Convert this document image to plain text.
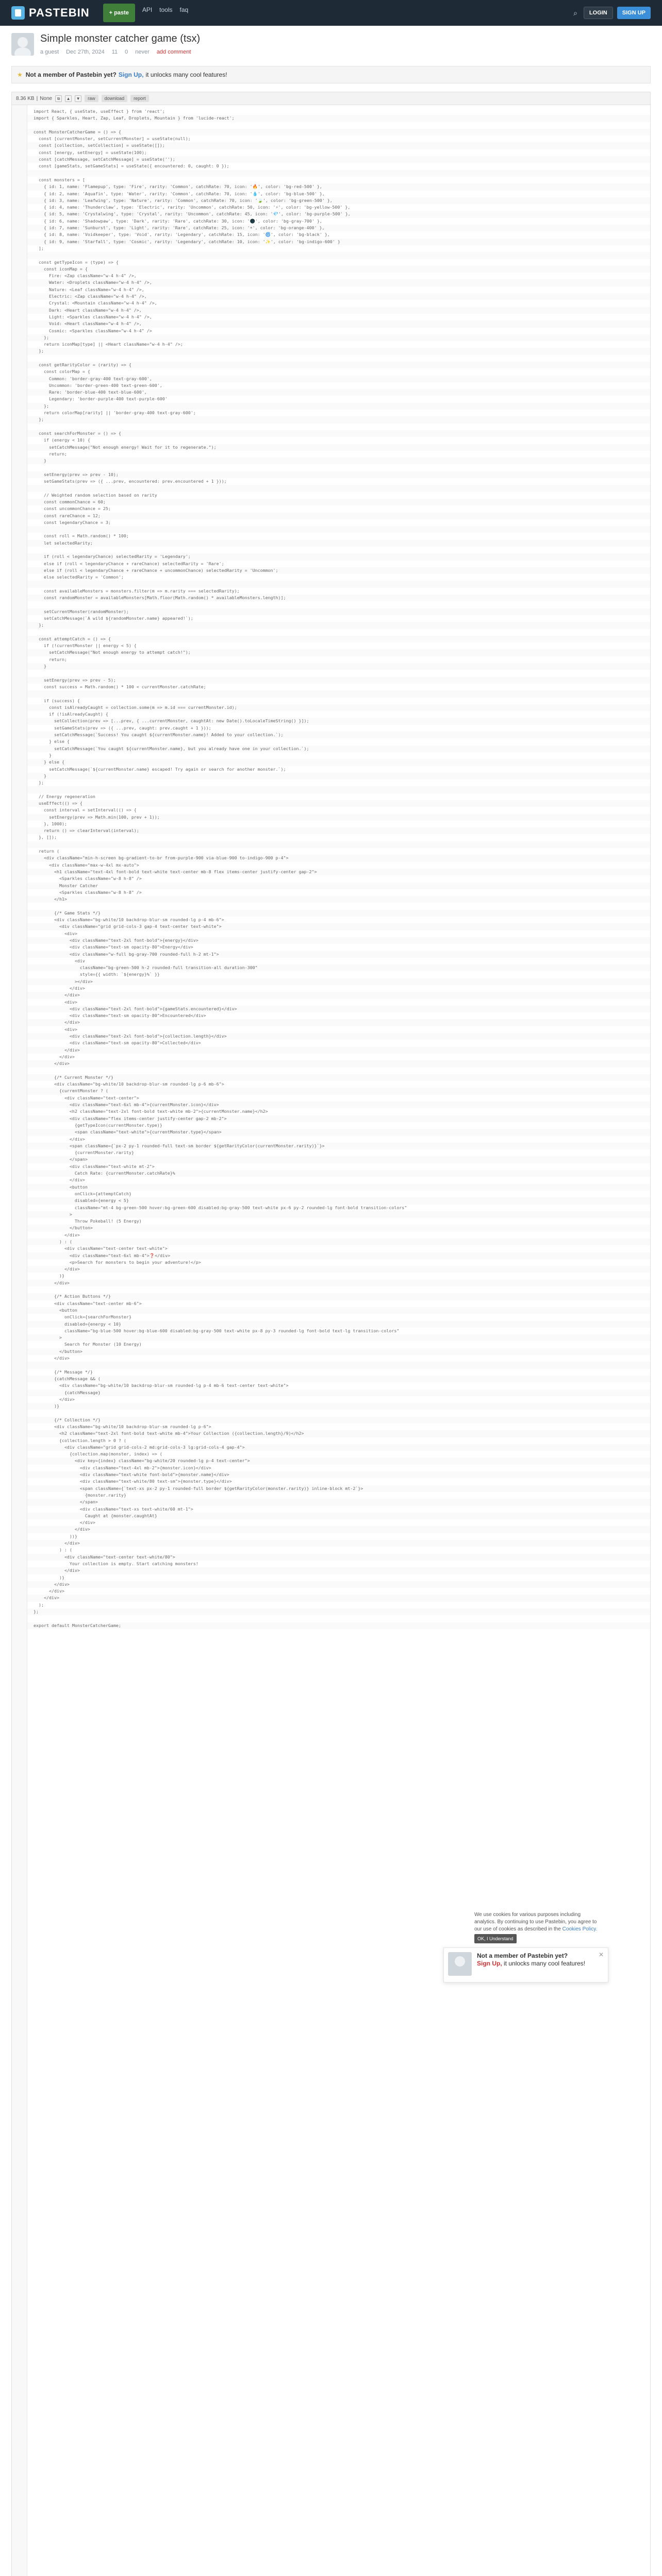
PASTEBIN	+ paste	API tools faq	⌕	LOGIN	SIGN UP
Simple monster catcher game (tsx)
a guest Dec 27th, 2024 11 0 never add comment
★ Not a member of Pastebin yet? Sign Up, it unlocks many cool features!
8.36 KB | None	⧉	▲	▼	raw	download	report
import React, { useState, useEffect } from 'react';
import { Sparkles, Heart, Zap, Leaf, Droplets, Mountain } from 'lucide-react';
const MonsterCatcherGame = () => {
const [currentMonster, setCurrentMonster] = useState(null);
const [collection, setCollection] = useState([]);
const [energy, setEnergy] = useState(100);
const [catchMessage, setCatchMessage] = useState('');
const [gameStats, setGameStats] = useState({ encountered: 0, caught: 0 });
const monsters = [
{ id: 1, name: 'Flamepup', type: 'Fire', rarity: 'Common', catchRate: 70, icon: '🔥', color: 'bg-red-500' },
{ id: 2, name: 'Aquafin', type: 'Water', rarity: 'Common', catchRate: 70, icon: '💧', color: 'bg-blue-500' },
{ id: 3, name: 'Leafwing', type: 'Nature', rarity: 'Common', catchRate: 70, icon: '🍃', color: 'bg-green-500' },
{ id: 4, name: 'Thunderclaw', type: 'Electric', rarity: 'Uncommon', catchRate: 50, icon: '⚡', color: 'bg-yellow-500' },
{ id: 5, name: 'Crystalwing', type: 'Crystal', rarity: 'Uncommon', catchRate: 45, icon: '💎', color: 'bg-purple-500' },
{ id: 6, name: 'Shadowpaw', type: 'Dark', rarity: 'Rare', catchRate: 30, icon: '🌑', color: 'bg-gray-700' },
{ id: 7, name: 'Sunburst', type: 'Light', rarity: 'Rare', catchRate: 25, icon: '☀', color: 'bg-orange-400' },
{ id: 8, name: 'Voidkeeper', type: 'Void', rarity: 'Legendary', catchRate: 15, icon: '🌀', color: 'bg-black' },
{ id: 9, name: 'Starfall', type: 'Cosmic', rarity: 'Legendary', catchRate: 10, icon: '✨', color: 'bg-indigo-600' }
];
const getTypeIcon = (type) => {
const iconMap = {
Fire: <Zap className="w-4 h-4" />,
Water: <Droplets className="w-4 h-4" />,
Nature: <Leaf className="w-4 h-4" />,
Electric: <Zap className="w-4 h-4" />,
Crystal: <Mountain className="w-4 h-4" />,
Dark: <Heart className="w-4 h-4" />,
Light: <Sparkles className="w-4 h-4" />,
Void: <Heart className="w-4 h-4" />,
Cosmic: <Sparkles className="w-4 h-4" />
};
return iconMap[type] || <Heart className="w-4 h-4" />;
};
const getRarityColor = (rarity) => {
const colorMap = {
Common: 'border-gray-400 text-gray-600',
Uncommon: 'border-green-400 text-green-600',
Rare: 'border-blue-400 text-blue-600',
Legendary: 'border-purple-400 text-purple-600'
};
return colorMap[rarity] || 'border-gray-400 text-gray-600';
};
const searchForMonster = () => {
if (energy < 10) {
setCatchMessage("Not enough energy! Wait for it to regenerate.");
return;
}
setEnergy(prev => prev - 10);
setGameStats(prev => ({ ...prev, encountered: prev.encountered + 1 }));
// Weighted random selection based on rarity
const commonChance = 60;
const uncommonChance = 25;
const rareChance = 12;
const legendaryChance = 3;
const roll = Math.random() * 100;
let selectedRarity;
if (roll < legendaryChance) selectedRarity = 'Legendary';
else if (roll < legendaryChance + rareChance) selectedRarity = 'Rare';
else if (roll < legendaryChance + rareChance + uncommonChance) selectedRarity = 'Uncommon';
else selectedRarity = 'Common';
const availableMonsters = monsters.filter(m => m.rarity === selectedRarity);
const randomMonster = availableMonsters[Math.floor(Math.random() * availableMonsters.length)];
setCurrentMonster(randomMonster);
setCatchMessage(`A wild ${randomMonster.name} appeared!`);
};
const attemptCatch = () => {
if (!currentMonster || energy < 5) {
setCatchMessage("Not enough energy to attempt catch!");
return;
}
setEnergy(prev => prev - 5);
const success = Math.random() * 100 < currentMonster.catchRate;
if (success) {
const isAlreadyCaught = collection.some(m => m.id === currentMonster.id);
if (!isAlreadyCaught) {
setCollection(prev => [...prev, { ...currentMonster, caughtAt: new Date().toLocaleTimeString() }]);
setGameStats(prev => ({ ...prev, caught: prev.caught + 1 }));
setCatchMessage(`Success! You caught ${currentMonster.name}! Added to your collection.`);
} else {
setCatchMessage(`You caught ${currentMonster.name}, but you already have one in your collection.`);
}
} else {
setCatchMessage(`${currentMonster.name} escaped! Try again or search for another monster.`);
}
};
// Energy regeneration
useEffect(() => {
const interval = setInterval(() => {
setEnergy(prev => Math.min(100, prev + 1));
}, 1000);
return () => clearInterval(interval);
}, []);
return (
<div className="min-h-screen bg-gradient-to-br from-purple-900 via-blue-900 to-indigo-900 p-4">
<div className="max-w-4xl mx-auto">
<h1 className="text-4xl font-bold text-white text-center mb-8 flex items-center justify-center gap-2">
<Sparkles className="w-8 h-8" />
Monster Catcher
<Sparkles className="w-8 h-8" />
</h1>
{/* Game Stats */}
<div className="bg-white/10 backdrop-blur-sm rounded-lg p-4 mb-6">
<div className="grid grid-cols-3 gap-4 text-center text-white">
<div>
<div className="text-2xl font-bold">{energy}</div>
<div className="text-sm opacity-80">Energy</div>
<div className="w-full bg-gray-700 rounded-full h-2 mt-1">
<div
className="bg-green-500 h-2 rounded-full transition-all duration-300"
style={{ width: `${energy}%` }}
></div>
</div>
</div>
<div>
<div className="text-2xl font-bold">{gameStats.encountered}</div>
<div className="text-sm opacity-80">Encountered</div>
</div>
<div>
<div className="text-2xl font-bold">{collection.length}</div>
<div className="text-sm opacity-80">Collected</div>
</div>
</div>
</div>
{/* Current Monster */}
<div className="bg-white/10 backdrop-blur-sm rounded-lg p-6 mb-6">
{currentMonster ? (
<div className="text-center">
<div className="text-6xl mb-4">{currentMonster.icon}</div>
<h2 className="text-2xl font-bold text-white mb-2">{currentMonster.name}</h2>
<div className="flex items-center justify-center gap-2 mb-2">
{getTypeIcon(currentMonster.type)}
<span className="text-white">{currentMonster.type}</span>
</div>
<span className={`px-2 py-1 rounded-full text-sm border ${getRarityColor(currentMonster.rarity)}`}>
{currentMonster.rarity}
</span>
<div className="text-white mt-2">
Catch Rate: {currentMonster.catchRate}%
</div>
<button
onClick={attemptCatch}
disabled={energy < 5}
className="mt-4 bg-green-500 hover:bg-green-600 disabled:bg-gray-500 text-white px-6 py-2 rounded-lg font-bold transition-colors"
>
Throw Pokeball! (5 Energy)
</button>
</div>
) : (
<div className="text-center text-white">
<div className="text-6xl mb-4">❓</div>
<p>Search for monsters to begin your adventure!</p>
</div>
)}
</div>
{/* Action Buttons */}
<div className="text-center mb-6">
<button
onClick={searchForMonster}
disabled={energy < 10}
className="bg-blue-500 hover:bg-blue-600 disabled:bg-gray-500 text-white px-8 py-3 rounded-lg font-bold text-lg transition-colors"
>
Search for Monster (10 Energy)
</button>
</div>
{/* Message */}
{catchMessage && (
<div className="bg-white/10 backdrop-blur-sm rounded-lg p-4 mb-6 text-center text-white">
{catchMessage}
</div>
)}
{/* Collection */}
<div className="bg-white/10 backdrop-blur-sm rounded-lg p-6">
<h2 className="text-2xl font-bold text-white mb-4">Your Collection ({collection.length}/9)</h2>
{collection.length > 0 ? (
<div className="grid grid-cols-2 md:grid-cols-3 lg:grid-cols-4 gap-4">
{collection.map(monster, index) => (
<div key={index} className="bg-white/20 rounded-lg p-4 text-center">
<div className="text-4xl mb-2">{monster.icon}</div>
<div className="text-white font-bold">{monster.name}</div>
<div className="text-white/80 text-sm">{monster.type}</div>
<span className={`text-xs px-2 py-1 rounded-full border ${getRarityColor(monster.rarity)} inline-block mt-2`}>
{monster.rarity}
</span>
<div className="text-xs text-white/60 mt-1">
Caught at {monster.caughtAt}
</div>
</div>
))}
</div>
) : (
<div className="text-center text-white/80">
Your collection is empty. Start catching monsters!
</div>
)}
</div>
</div>
</div>
);
};
export default MonsterCatcherGame;
We use cookies for various purposes including analytics. By continuing to use Pastebin, you agree to our use of cookies as described in the Cookies Policy.
OK, I Understand
Not a member of Pastebin yet?
Sign Up, it unlocks many cool features!
✕
